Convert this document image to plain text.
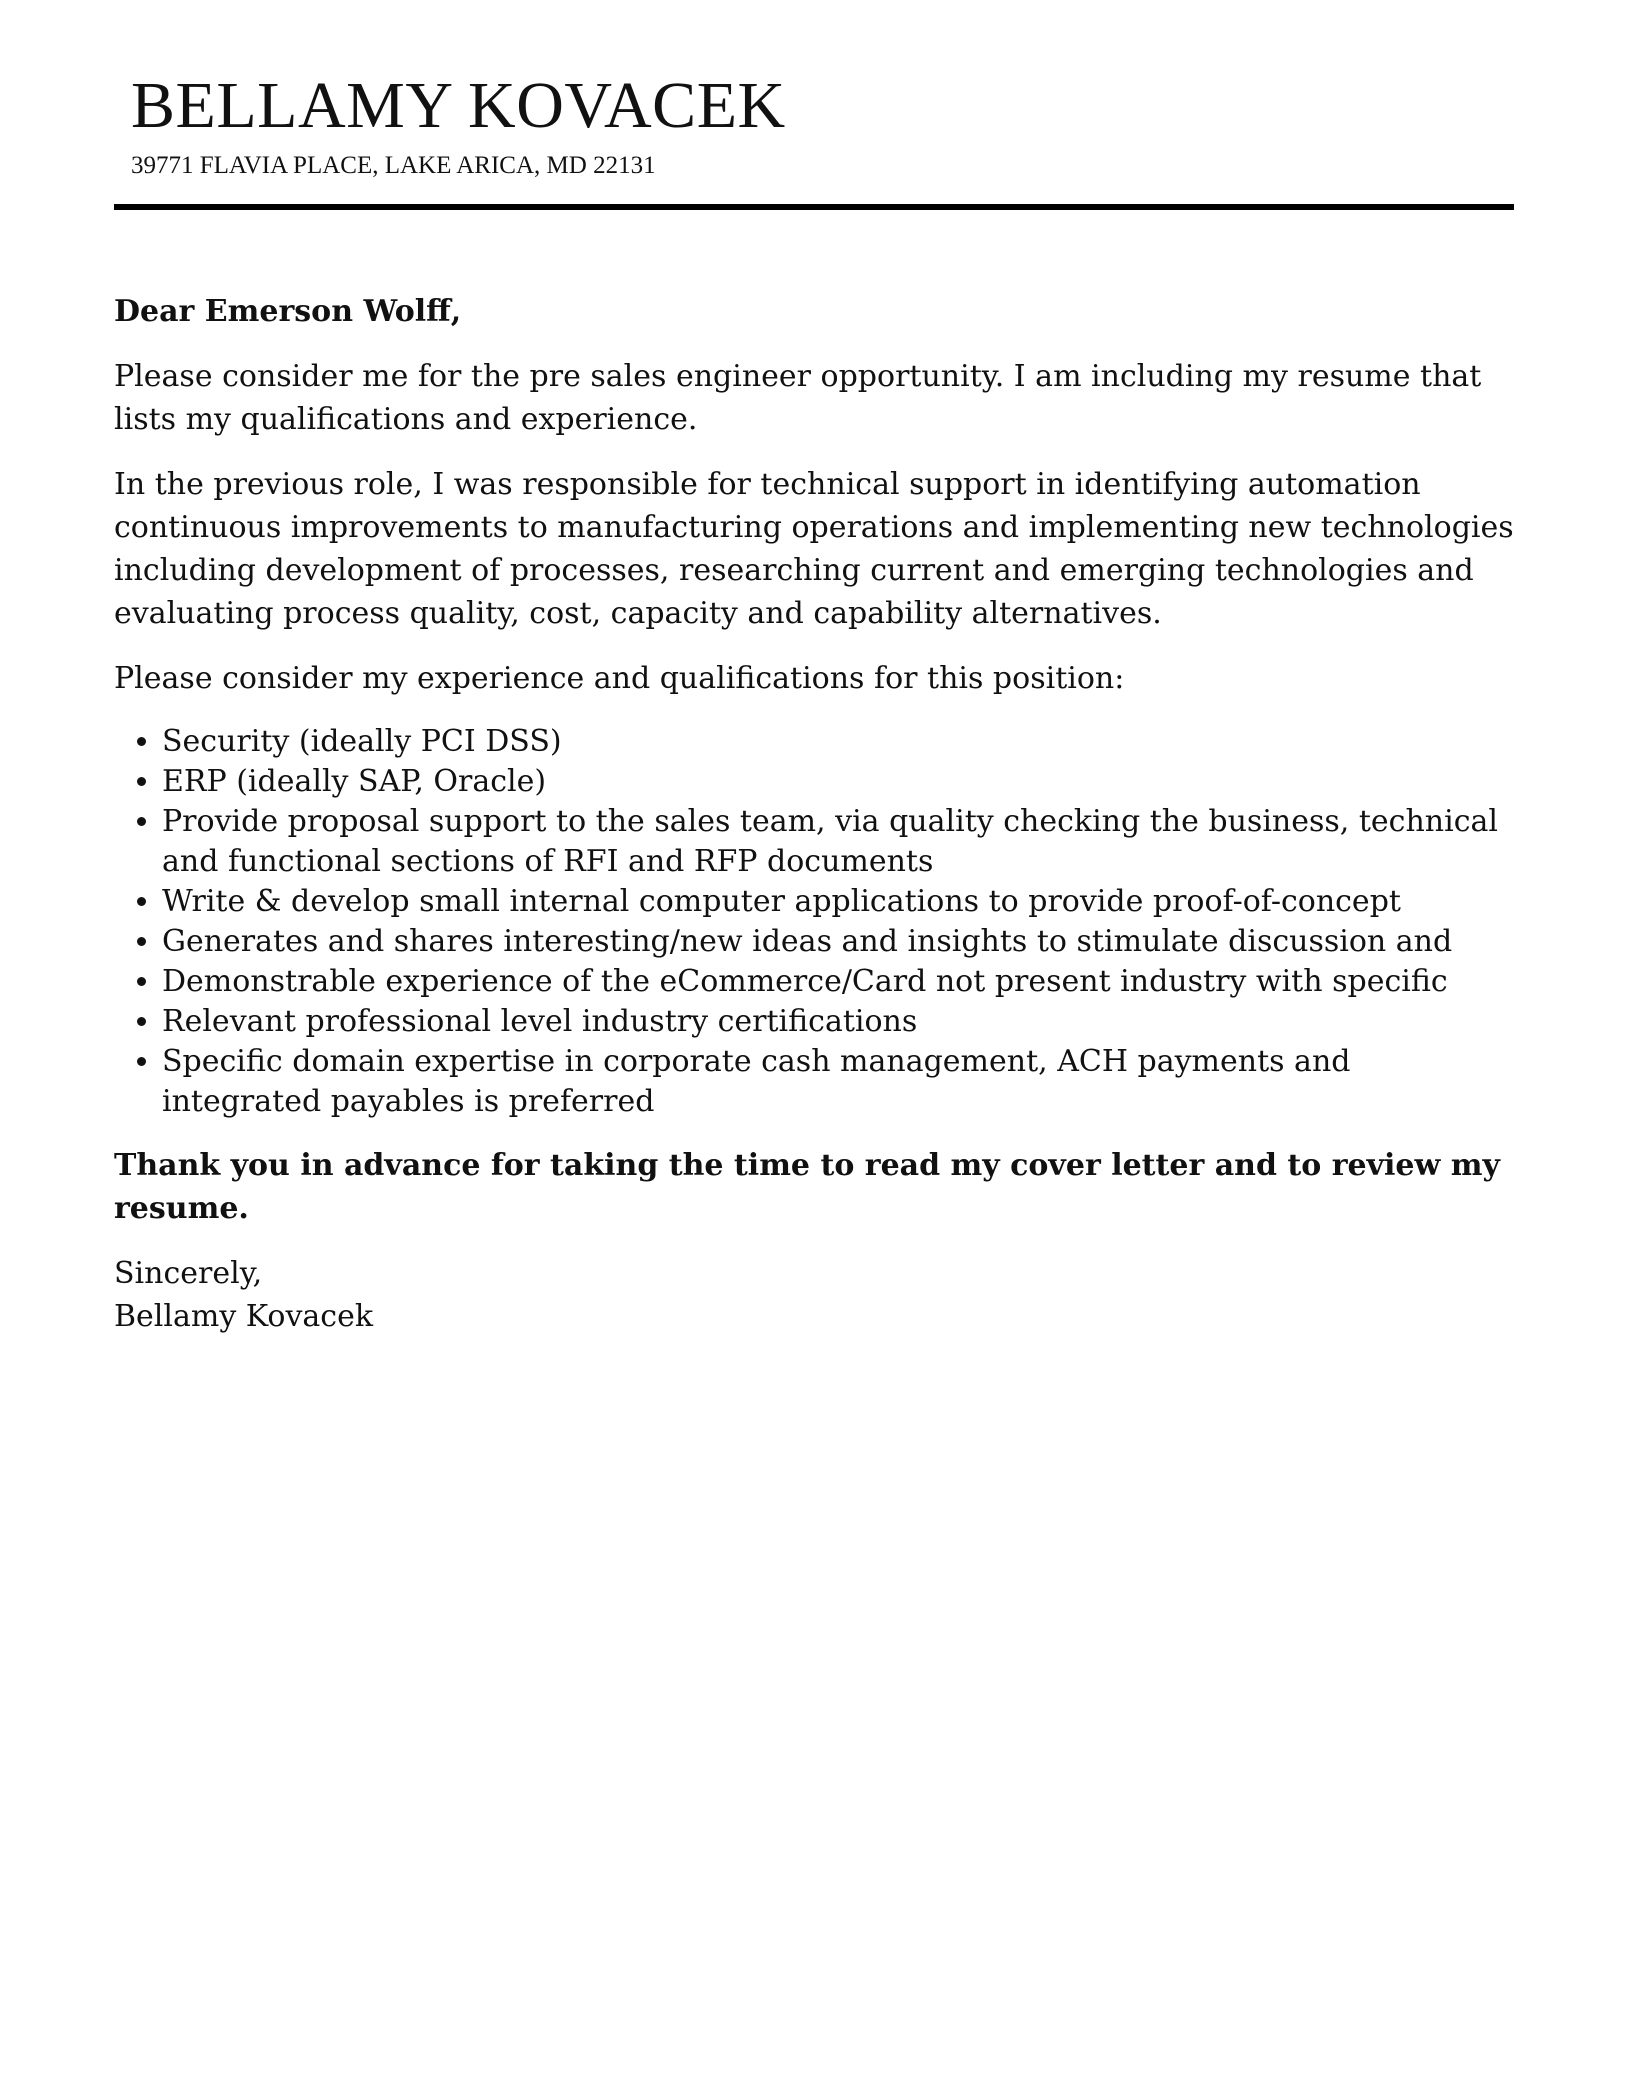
BELLAMY KOVACEK
39771 FLAVIA PLACE, LAKE ARICA, MD 22131

Dear Emerson Wolff,

Please consider me for the pre sales engineer opportunity. I am including my resume that lists my qualifications and experience.

In the previous role, I was responsible for technical support in identifying automation continuous improvements to manufacturing operations and implementing new technologies including development of processes, researching current and emerging technologies and evaluating process quality, cost, capacity and capability alternatives.

Please consider my experience and qualifications for this position:

• Security (ideally PCI DSS)
• ERP (ideally SAP, Oracle)
• Provide proposal support to the sales team, via quality checking the business, technical and functional sections of RFI and RFP documents
• Write & develop small internal computer applications to provide proof-of-concept
• Generates and shares interesting/new ideas and insights to stimulate discussion and
• Demonstrable experience of the eCommerce/Card not present industry with specific
• Relevant professional level industry certifications
• Specific domain expertise in corporate cash management, ACH payments and integrated payables is preferred

Thank you in advance for taking the time to read my cover letter and to review my resume.

Sincerely,

Bellamy Kovacek
